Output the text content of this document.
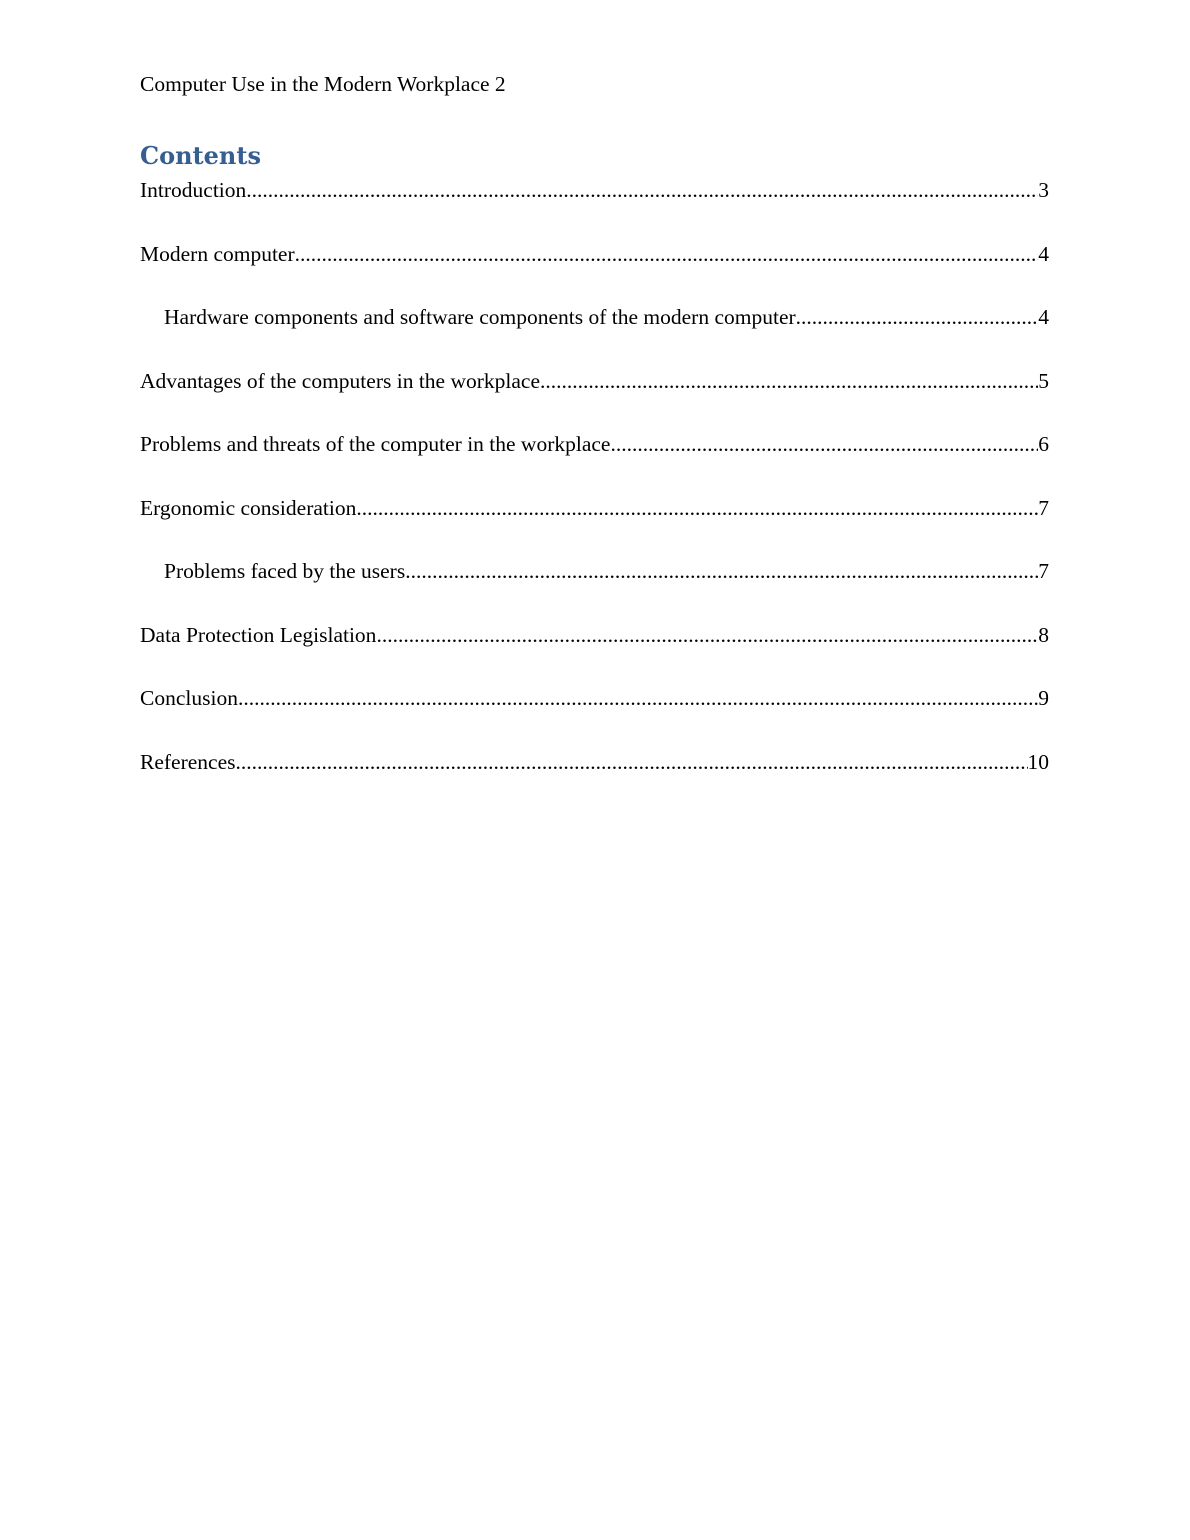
Computer Use in the Modern Workplace 2
Contents
Introduction .....	3
Modern computer .....	4
Hardware components and software components of the modern computer .....	4
Advantages of the computers in the workplace .....	5
Problems and threats of the computer in the workplace .....	6
Ergonomic consideration .....	7
Problems faced by the users .....	7
Data Protection Legislation .....	8
Conclusion .....	9
References .....	10
